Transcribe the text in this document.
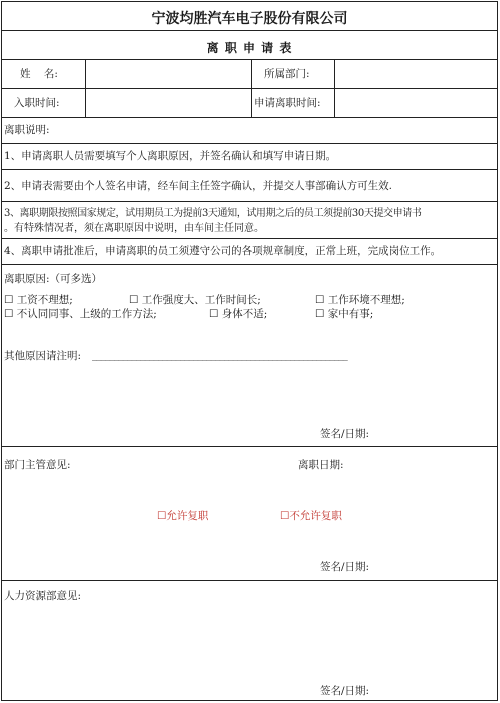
宁波均胜汽车电子股份有限公司
离 职 申 请 表
姓    名:	所属部门:
入职时间:	申请离职时间:
离职说明:
1、申请离职人员需要填写个人离职原因，并签名确认和填写申请日期。
2、申请表需要由个人签名申请，经车间主任签字确认，并提交人事部确认方可生效.
3、离职期限按照国家规定，试用期员工为提前3天通知，试用期之后的员工须提前30天提交申请书
。有特殊情况者，须在离职原因中说明，由车间主任同意。
4、离职申请批准后，申请离职的员工须遵守公司的各项规章制度，正常上班，完成岗位工作。
离职原因:（可多选）
☐ 工资不理想;	☐ 工作强度大、工作时间长;	☐ 工作环境不理想;
☐ 不认同同事、上级的工作方法;	☐ 身体不适;	☐ 家中有事;
其他原因请注明: __________________________________________________________
签名/日期:
部门主管意见:	离职日期:
☐允许复职	☐不允许复职
签名/日期:
人力资源部意见:
签名/日期:
